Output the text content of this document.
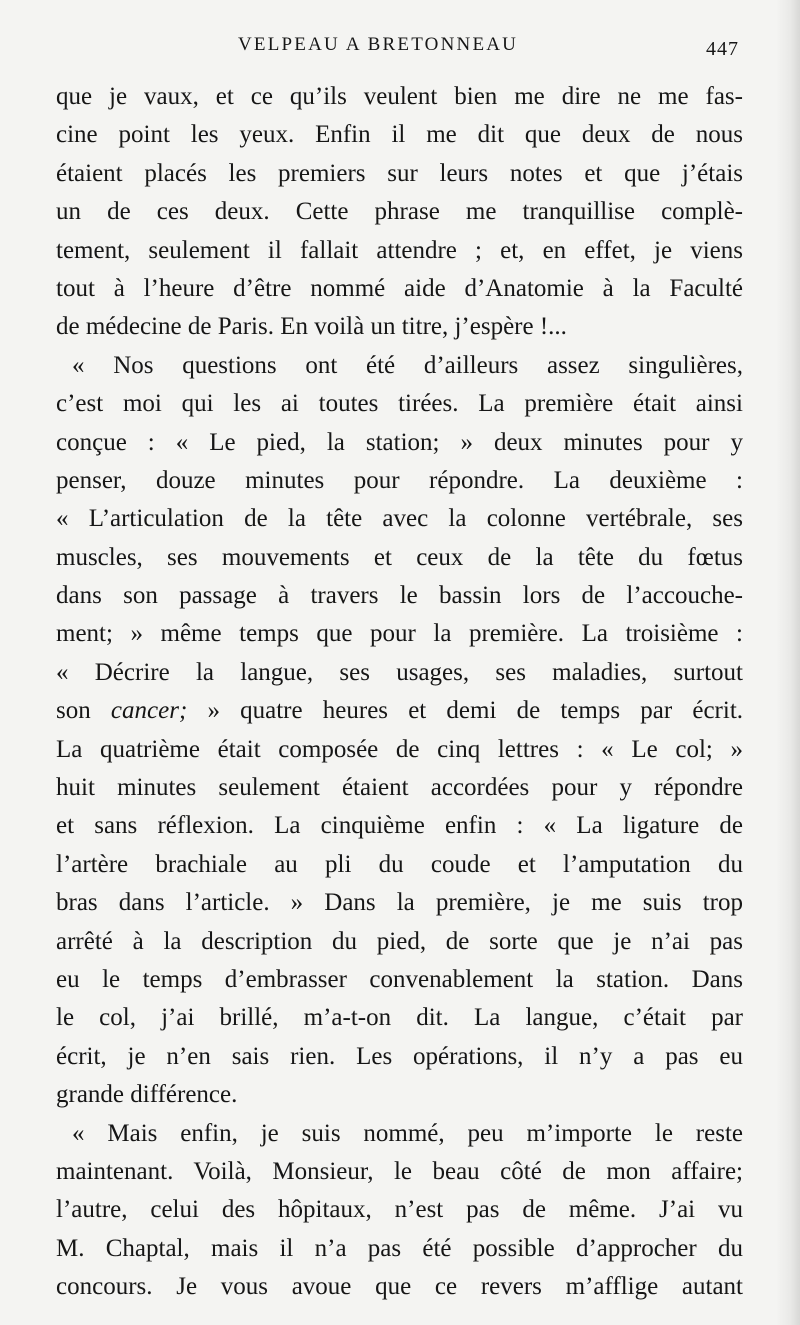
VELPEAU A BRETONNEAU	447
que je vaux, et ce qu’ils veulent bien me dire ne me fas-
cine point les yeux. Enfin il me dit que deux de nous
étaient placés les premiers sur leurs notes et que j’étais
un de ces deux. Cette phrase me tranquillise complè-
tement, seulement il fallait attendre ; et, en effet, je viens
tout à l’heure d’être nommé aide d’Anatomie à la Faculté
de médecine de Paris. En voilà un titre, j’espère !...
« Nos questions ont été d’ailleurs assez singulières,
c’est moi qui les ai toutes tirées. La première était ainsi
conçue : « Le pied, la station; » deux minutes pour y
penser, douze minutes pour répondre. La deuxième :
« L’articulation de la tête avec la colonne vertébrale, ses
muscles, ses mouvements et ceux de la tête du fœtus
dans son passage à travers le bassin lors de l’accouche-
ment; » même temps que pour la première. La troisième :
« Décrire la langue, ses usages, ses maladies, surtout
son cancer; » quatre heures et demi de temps par écrit.
La quatrième était composée de cinq lettres : « Le col; »
huit minutes seulement étaient accordées pour y répondre
et sans réflexion. La cinquième enfin : « La ligature de
l’artère brachiale au pli du coude et l’amputation du
bras dans l’article. » Dans la première, je me suis trop
arrêté à la description du pied, de sorte que je n’ai pas
eu le temps d’embrasser convenablement la station. Dans
le col, j’ai brillé, m’a-t-on dit. La langue, c’était par
écrit, je n’en sais rien. Les opérations, il n’y a pas eu
grande différence.
« Mais enfin, je suis nommé, peu m’importe le reste
maintenant. Voilà, Monsieur, le beau côté de mon affaire;
l’autre, celui des hôpitaux, n’est pas de même. J’ai vu
M. Chaptal, mais il n’a pas été possible d’approcher du
concours. Je vous avoue que ce revers m’afflige autant
